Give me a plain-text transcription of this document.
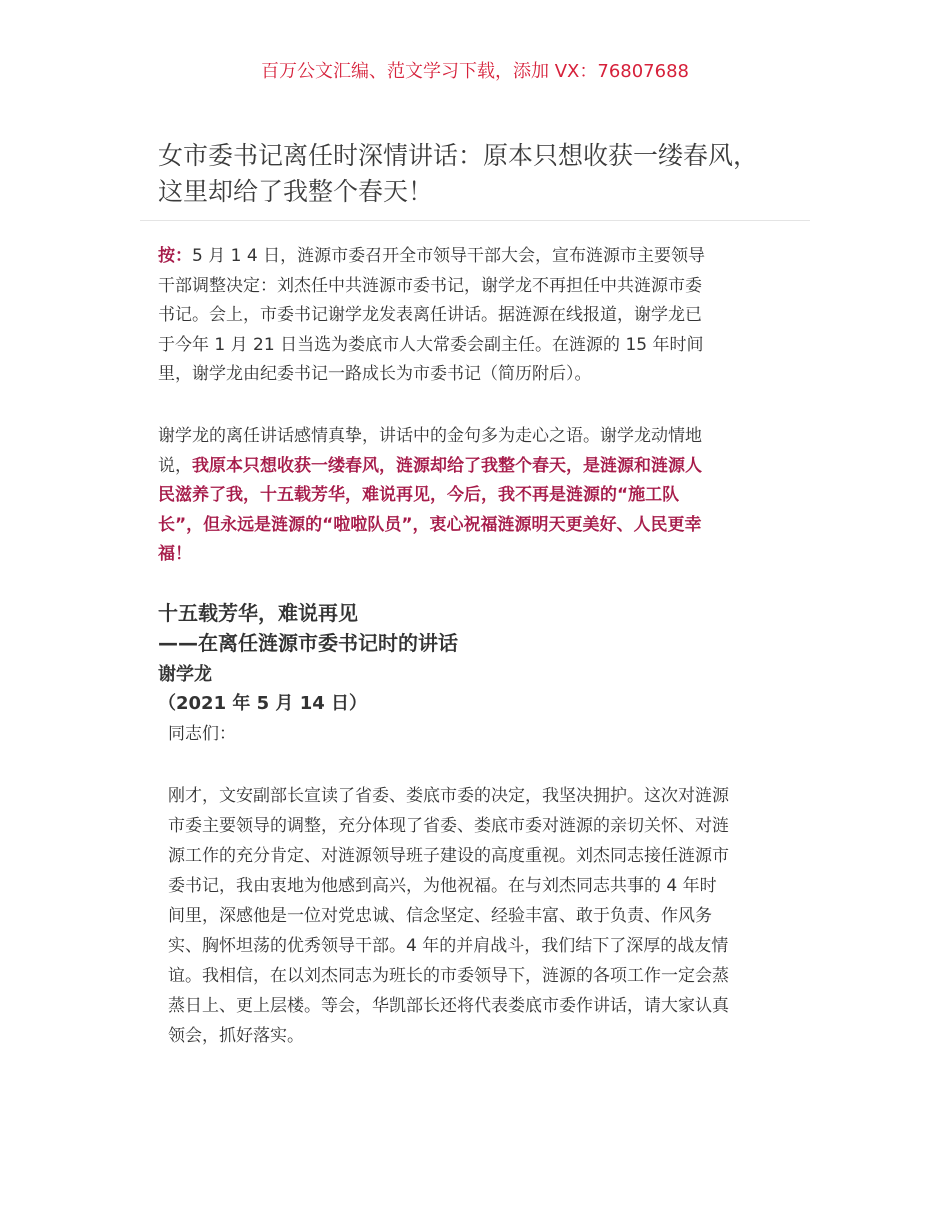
百万公文汇编、范文学习下载，添加 VX：76807688
女市委书记离任时深情讲话：原本只想收获一缕春风，
这里却给了我整个春天！
按：5 月 1 4 日，涟源市委召开全市领导干部大会，宣布涟源市主要领导
干部调整决定：刘杰任中共涟源市委书记，谢学龙不再担任中共涟源市委
书记。会上，市委书记谢学龙发表离任讲话。据涟源在线报道，谢学龙已
于今年 1 月 21 日当选为娄底市人大常委会副主任。在涟源的 15 年时间
里，谢学龙由纪委书记一路成长为市委书记（简历附后）。
谢学龙的离任讲话感情真挚，讲话中的金句多为走心之语。谢学龙动情地
说，我原本只想收获一缕春风，涟源却给了我整个春天，是涟源和涟源人
民滋养了我，十五载芳华，难说再见，今后，我不再是涟源的“施工队
长”，但永远是涟源的“啦啦队员”，衷心祝福涟源明天更美好、人民更幸
福！
十五载芳华，难说再见
——在离任涟源市委书记时的讲话
谢学龙
（2021 年 5 月 14 日）
同志们：
刚才，文安副部长宣读了省委、娄底市委的决定，我坚决拥护。这次对涟源
市委主要领导的调整，充分体现了省委、娄底市委对涟源的亲切关怀、对涟
源工作的充分肯定、对涟源领导班子建设的高度重视。刘杰同志接任涟源市
委书记，我由衷地为他感到高兴，为他祝福。在与刘杰同志共事的 4 年时
间里，深感他是一位对党忠诚、信念坚定、经验丰富、敢于负责、作风务
实、胸怀坦荡的优秀领导干部。4 年的并肩战斗，我们结下了深厚的战友情
谊。我相信，在以刘杰同志为班长的市委领导下，涟源的各项工作一定会蒸
蒸日上、更上层楼。等会，华凯部长还将代表娄底市委作讲话，请大家认真
领会，抓好落实。
